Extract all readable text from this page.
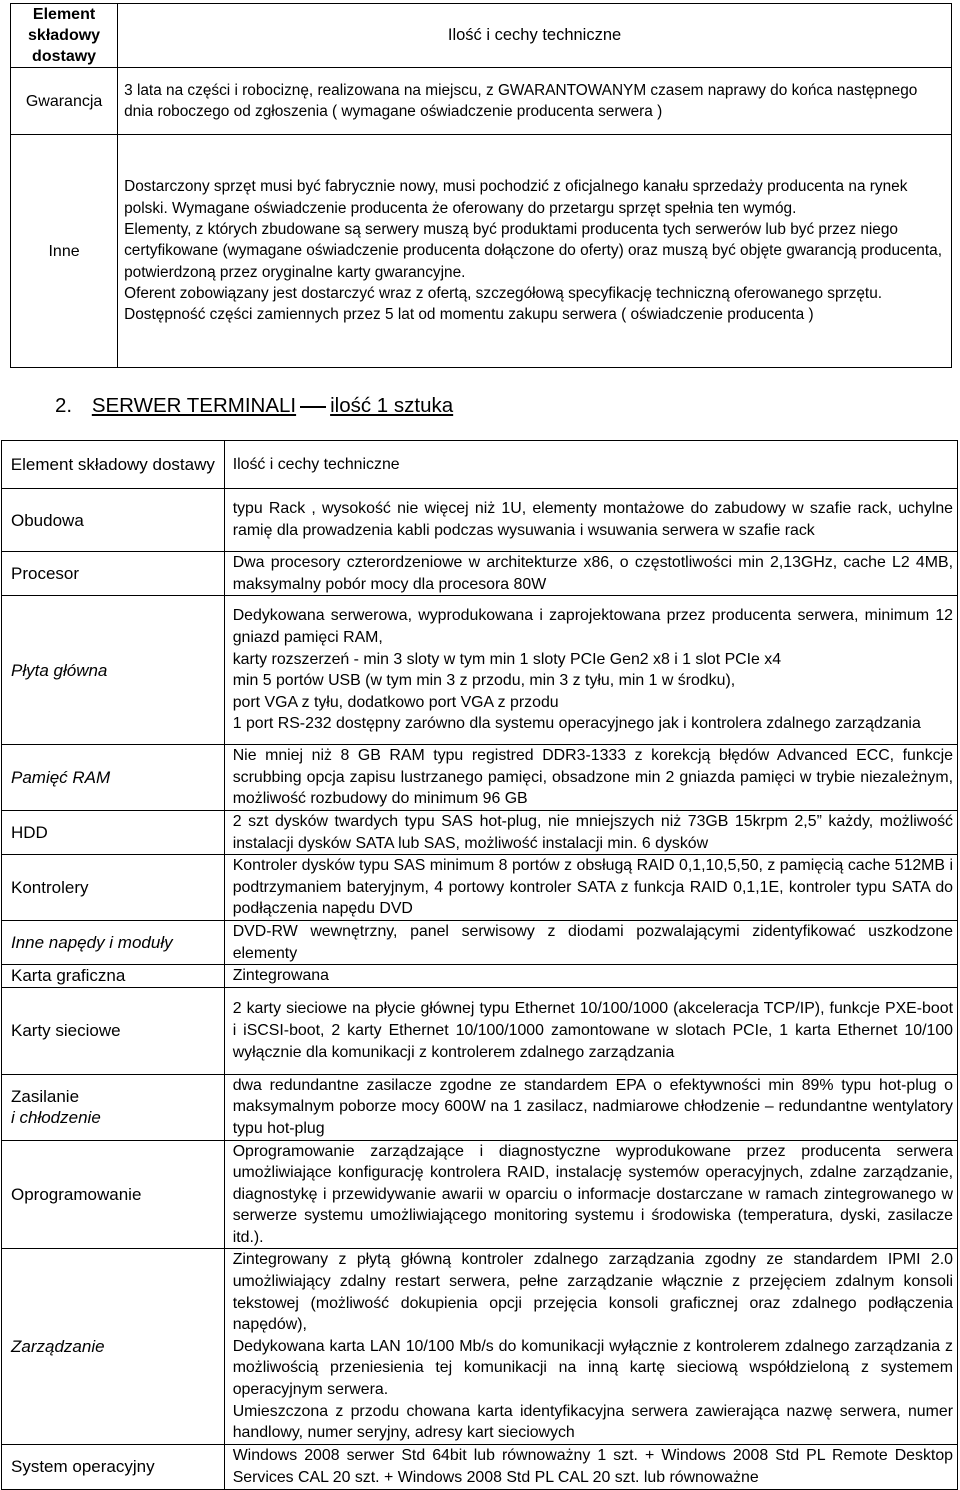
Element składowy dostawy	Ilość i cechy techniczne
Gwarancja	3 lata na części i robociznę, realizowana na miejscu, z GWARANTOWANYM czasem naprawy do końca następnego dnia roboczego od zgłoszenia ( wymagane oświadczenie producenta serwera )

Inne	Dostarczony sprzęt musi być fabrycznie nowy, musi pochodzić z oficjalnego kanału sprzedaży producenta na rynek polski. Wymagane oświadczenie producenta że oferowany do przetargu sprzęt spełnia ten wymóg.

Elementy, z których zbudowane są serwery muszą być produktami producenta tych serwerów lub być przez niego certyfikowane (wymagane oświadczenie producenta dołączone do oferty) oraz muszą być objęte gwarancją producenta, potwierdzoną przez oryginalne karty gwarancyjne.

Oferent zobowiązany jest dostarczyć wraz z ofertą, szczegółową specyfikację techniczną oferowanego sprzętu.

Dostępność części zamiennych przez 5 lat od momentu zakupu serwera ( oświadczenie producenta )

2. SERWER TERMINALI ilość 1 sztuka
Element składowy dostawy	Ilość i cechy techniczne
Obudowa	typu Rack , wysokość nie więcej niż 1U, elementy montażowe do zabudowy w szafie rack, uchylne ramię dla prowadzenia kabli podczas wysuwania i wsuwania serwera w szafie rack

Procesor	Dwa procesory czterordzeniowe w architekturze x86, o częstotliwości min 2,13GHz, cache L2 4MB, maksymalny pobór mocy dla procesora 80W

Płyta główna	Dedykowana serwerowa, wyprodukowana i zaprojektowana przez producenta serwera, minimum 12 gniazd pamięci RAM,

karty rozszerzeń - min 3 sloty w tym min 1 sloty PCIe Gen2 x8 i 1 slot PCIe x4

min 5 portów USB (w tym min 3 z przodu, min 3 z tyłu, min 1 w środku),

port VGA z tyłu, dodatkowo port VGA z przodu

1 port RS-232 dostępny zarówno dla systemu operacyjnego jak i kontrolera zdalnego zarządzania

Pamięć RAM	Nie mniej niż 8 GB RAM typu registred DDR3-1333 z korekcją błędów Advanced ECC, funkcje scrubbing opcja zapisu lustrzanego pamięci, obsadzone min 2 gniazda pamięci w trybie niezależnym, możliwość rozbudowy do minimum 96 GB

HDD	2 szt dysków twardych typu SAS hot-plug, nie mniejszych niż 73GB 15krpm 2,5” każdy, możliwość instalacji dysków SATA lub SAS, możliwość instalacji min. 6 dysków

Kontrolery	Kontroler dysków typu SAS minimum 8 portów z obsługą RAID 0,1,10,5,50, z pamięcią cache 512MB i podtrzymaniem bateryjnym, 4 portowy kontroler SATA z funkcja RAID 0,1,1E, kontroler typu SATA do podłączenia napędu DVD

Inne napędy i moduły	DVD-RW wewnętrzny, panel serwisowy z diodami pozwalającymi zidentyfikować uszkodzone elementy

Karta graficzna	Zintegrowana

Karty sieciowe	2 karty sieciowe na płycie głównej typu Ethernet 10/100/1000 (akceleracja TCP/IP), funkcje PXE-boot i iSCSI-boot, 2 karty Ethernet 10/100/1000 zamontowane w slotach PCIe, 1 karta Ethernet 10/100 wyłącznie dla komunikacji z kontrolerem zdalnego zarządzania

Zasilanie
i chłodzenie	dwa redundantne zasilacze zgodne ze standardem EPA o efektywności min 89% typu hot-plug o maksymalnym poborze mocy 600W na 1 zasilacz, nadmiarowe chłodzenie – redundantne wentylatory typu hot-plug

Oprogramowanie	Oprogramowanie zarządzające i diagnostyczne wyprodukowane przez producenta serwera umożliwiające konfigurację kontrolera RAID, instalację systemów operacyjnych, zdalne zarządzanie, diagnostykę i przewidywanie awarii w oparciu o informacje dostarczane w ramach zintegrowanego w serwerze systemu umożliwiającego monitoring systemu i środowiska (temperatura, dyski, zasilacze itd.).

Zarządzanie	Zintegrowany z płytą główną kontroler zdalnego zarządzania zgodny ze standardem IPMI 2.0 umożliwiający zdalny restart serwera, pełne zarządzanie włącznie z przejęciem zdalnym konsoli tekstowej (możliwość dokupienia opcji przejęcia konsoli graficznej oraz zdalnego podłączenia napędów),

Dedykowana karta LAN 10/100 Mb/s do komunikacji wyłącznie z kontrolerem zdalnego zarządzania z możliwością przeniesienia tej komunikacji na inną kartę sieciową współdzieloną z systemem operacyjnym serwera.

Umieszczona z przodu chowana karta identyfikacyjna serwera zawierająca nazwę serwera, numer handlowy, numer seryjny, adresy kart sieciowych

System operacyjny	Windows 2008 serwer Std 64bit lub równoważny 1 szt. + Windows 2008 Std PL Remote Desktop Services CAL 20 szt. + Windows 2008 Std PL CAL 20 szt. lub równoważne
